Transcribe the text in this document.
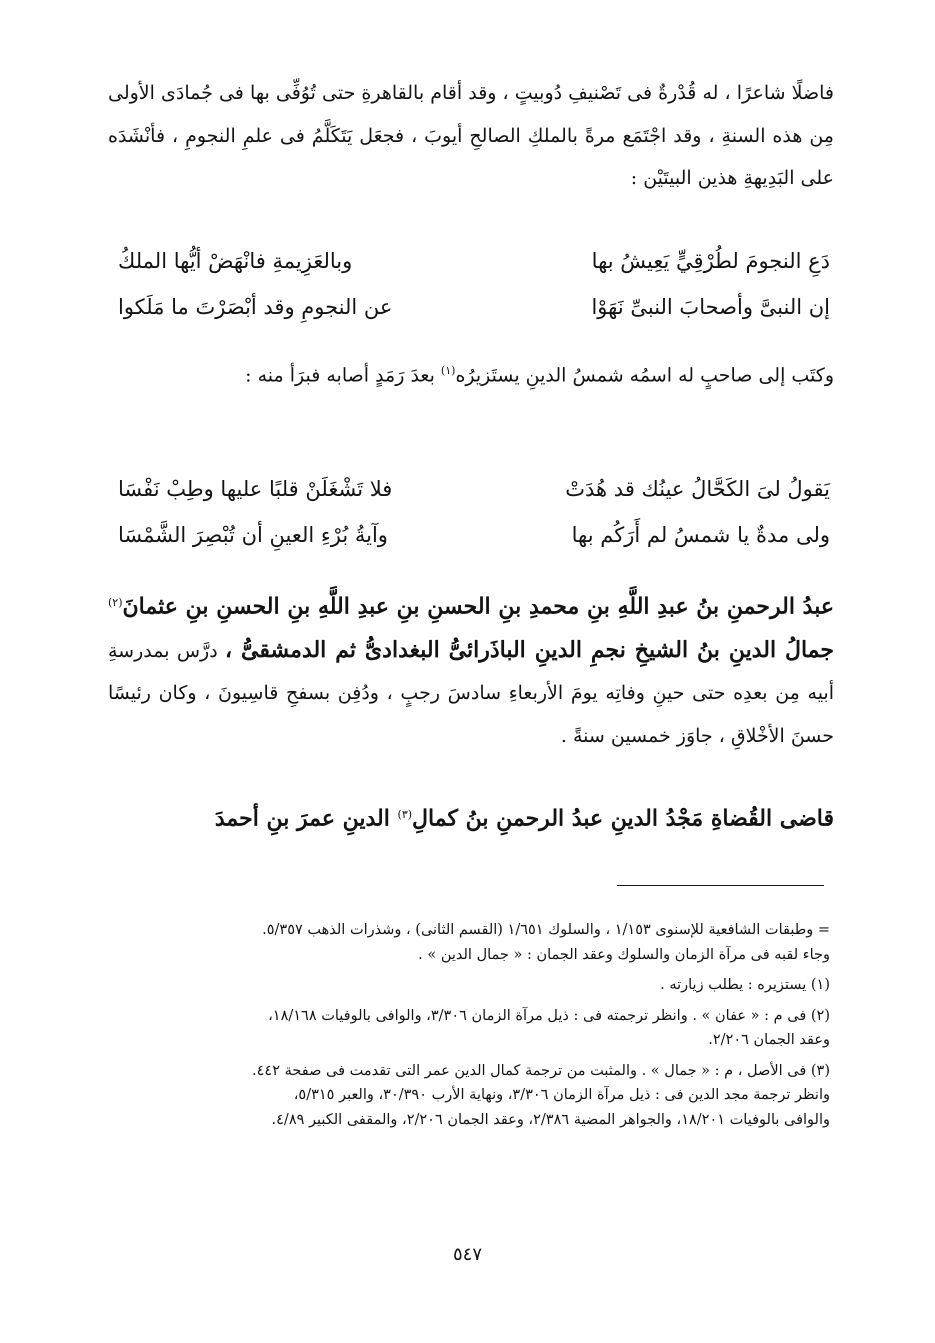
فاضلًا شاعرًا ، له قُدْرةٌ فى تَصْنيفِ دُوبيتٍ ، وقد أقام بالقاهرةِ حتى تُوُفِّى بها فى جُمادَى الأولى مِن هذه السنةِ ، وقد اجْتَمَع مرةً بالملكِ الصالحِ أيوبَ ، فجعَل يَتَكَلَّمُ فى علمِ النجومِ ، فأنْشَدَه على البَدِيهةِ هذين البيتَيْن :

دَعِ النجومَ لطُرْقِيٍّ يَعِيشُ بها
وبالعَزِيمةِ فانْهَضْ أيُّها الملكُ
إن النبىَّ وأصحابَ النبىِّ نَهَوْا
عن النجومِ وقد أبْصَرْتَ ما مَلَكوا

وكتَب إلى صاحبٍ له اسمُه شمسُ الدينِ يستَزيرُه$^{(١)}$ بعدَ رَمَدٍ أصابه فبرَأ منه :

يَقولُ لىَ الكَحَّالُ عينُك قد هُدَتْ
فلا تَشْغَلَنْ قلبًا عليها وطِبْ نَفْسَا
ولى مدةٌ يا شمسُ لم أَرَكُم بها
وآيةُ بُرْءِ العينِ أن تُبْصِرَ الشَّمْسَا

عبدُ الرحمنِ بنُ عبدِ اللَّهِ بنِ محمدِ بنِ الحسنِ بنِ عبدِ اللَّهِ بنِ الحسنِ بنِ عثمانَ$^{(٢)}$ جمالُ الدينِ بنُ الشيخِ نجمِ الدينِ الباذَرائىُّ البغدادىُّ ثم الدمشقىُّ ، درَّس بمدرسةِ أبيه مِن بعدِه حتى حينِ وفاتِه يومَ الأربعاءِ سادسَ رجبٍ ، ودُفِن بسفحِ قاسِيونَ ، وكان رئيسًا حسنَ الأخْلاقِ ، جاوَز خمسين سنةً .

قاضى القُضاةِ مَجْدُ الدينِ عبدُ الرحمنِ بنُ كمالِ$^{(٣)}$ الدينِ عمرَ بنِ أحمدَ

= وطبقات الشافعية للإسنوى ١/١٥٣ ، والسلوك ١/٦٥١ (القسم الثانى) ، وشذرات الذهب ٥/٣٥٧.
وجاء لقبه فى مرآة الزمان والسلوك وعقد الجمان : « جمال الدين » .

(١) يستزيره : يطلب زيارته .

(٢) فى م : « عفان » . وانظر ترجمته فى : ذيل مرآة الزمان ٣/٣٠٦، والوافى بالوفيات ١٨/١٦٨،
وعقد الجمان ٢/٢٠٦.

(٣) فى الأصل ، م : « جمال » . والمثبت من ترجمة كمال الدين عمر التى تقدمت فى صفحة ٤٤٢.
وانظر ترجمة مجد الدين فى : ذيل مرآة الزمان ٣/٣٠٦، ونهاية الأرب ٣٠/٣٩٠، والعبر ٥/٣١٥،
والوافى بالوفيات ١٨/٢٠١، والجواهر المضية ٢/٣٨٦، وعقد الجمان ٢/٢٠٦، والمقفى الكبير ٤/٨٩.

٥٤٧
